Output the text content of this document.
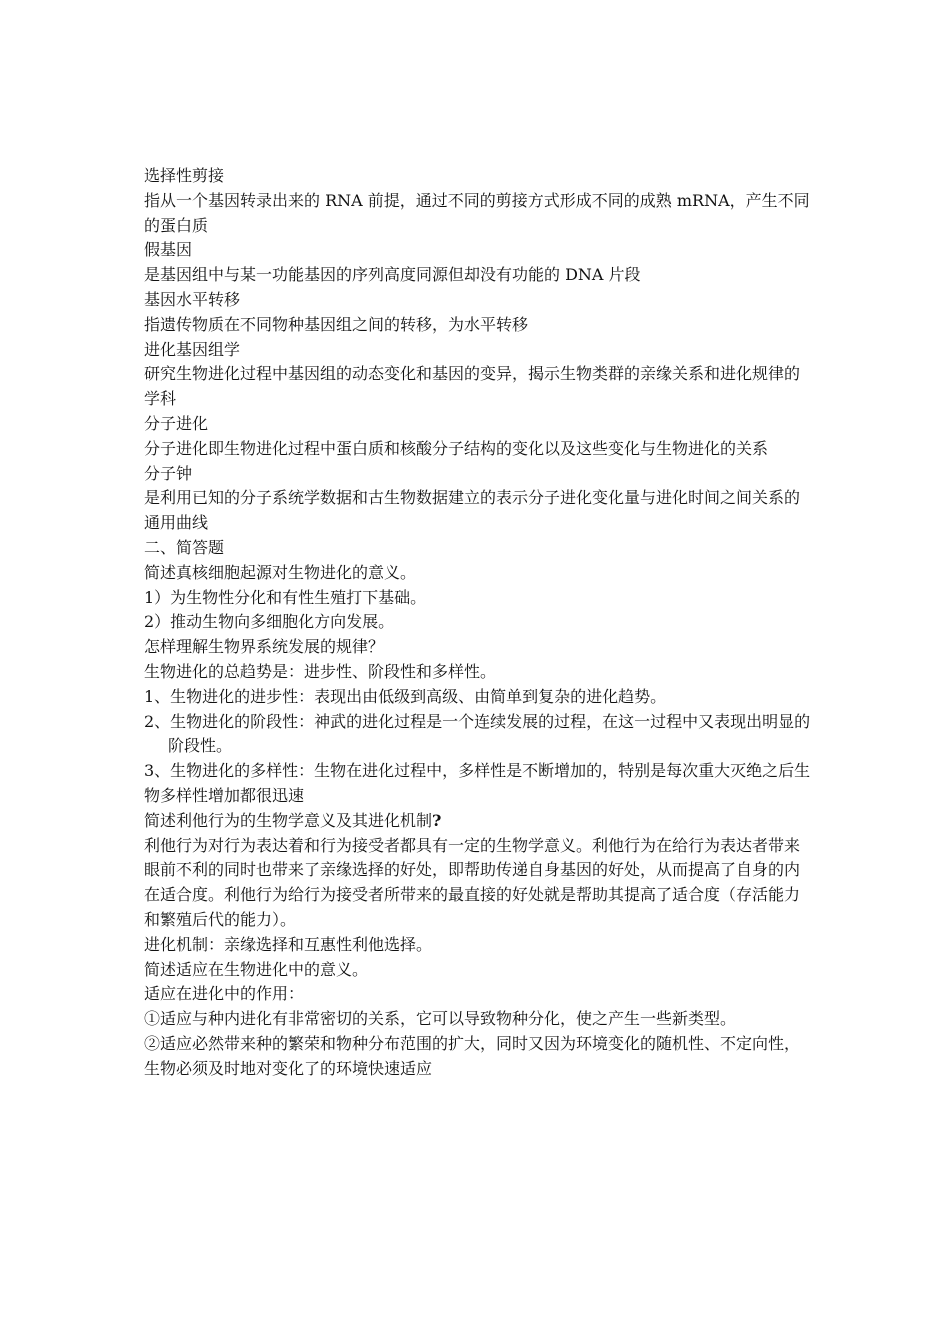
选择性剪接

指从一个基因转录出来的 RNA 前提，通过不同的剪接方式形成不同的成熟 mRNA，产生不同的蛋白质

假基因

是基因组中与某一功能基因的序列高度同源但却没有功能的 DNA 片段

基因水平转移

指遗传物质在不同物种基因组之间的转移，为水平转移

进化基因组学

研究生物进化过程中基因组的动态变化和基因的变异，揭示生物类群的亲缘关系和进化规律的学科

分子进化

分子进化即生物进化过程中蛋白质和核酸分子结构的变化以及这些变化与生物进化的关系

分子钟

是利用已知的分子系统学数据和古生物数据建立的表示分子进化变化量与进化时间之间关系的通用曲线

二、简答题

简述真核细胞起源对生物进化的意义。

1）为生物性分化和有性生殖打下基础。

2）推动生物向多细胞化方向发展。

怎样理解生物界系统发展的规律？

生物进化的总趋势是：进步性、阶段性和多样性。

1、生物进化的进步性：表现出由低级到高级、由简单到复杂的进化趋势。

2、生物进化的阶段性：神武的进化过程是一个连续发展的过程，在这一过程中又表现出明显的阶段性。

3、生物进化的多样性：生物在进化过程中，多样性是不断增加的，特别是每次重大灭绝之后生物多样性增加都很迅速

简述利他行为的生物学意义及其进化机制?

利他行为对行为表达着和行为接受者都具有一定的生物学意义。利他行为在给行为表达者带来眼前不利的同时也带来了亲缘选择的好处，即帮助传递自身基因的好处，从而提高了自身的内在适合度。利他行为给行为接受者所带来的最直接的好处就是帮助其提高了适合度（存活能力和繁殖后代的能力）。

进化机制：亲缘选择和互惠性利他选择。

简述适应在生物进化中的意义。

适应在进化中的作用：

①适应与种内进化有非常密切的关系，它可以导致物种分化，使之产生一些新类型。

②适应必然带来种的繁荣和物种分布范围的扩大，同时又因为环境变化的随机性、不定向性，生物必须及时地对变化了的环境快速适应
